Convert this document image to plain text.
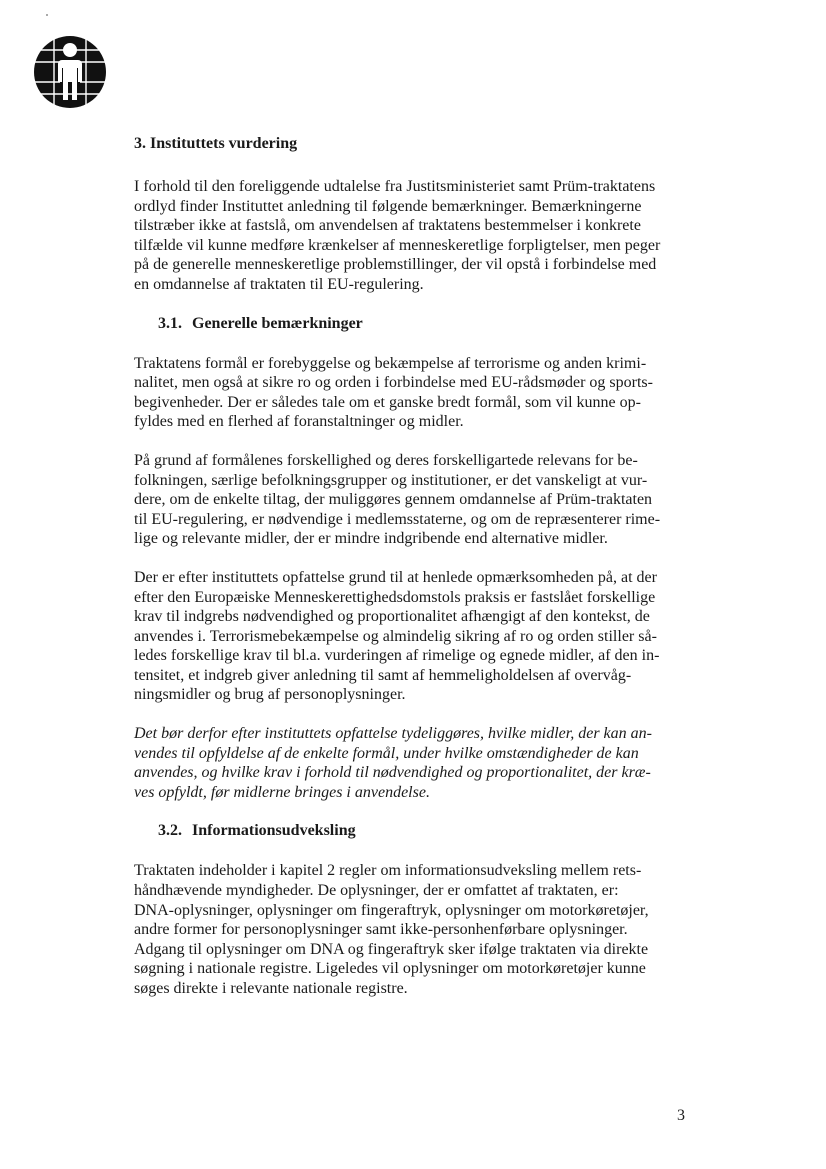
3. Instituttets vurdering

I forhold til den foreliggende udtalelse fra Justitsministeriet samt Prüm-traktatens
ordlyd finder Instituttet anledning til følgende bemærkninger. Bemærkningerne
tilstræber ikke at fastslå, om anvendelsen af traktatens bestemmelser i konkrete
tilfælde vil kunne medføre krænkelser af menneskeretlige forpligtelser, men peger
på de generelle menneskeretlige problemstillinger, der vil opstå i forbindelse med
en omdannelse af traktaten til EU-regulering.

3.1. Generelle bemærkninger

Traktatens formål er forebyggelse og bekæmpelse af terrorisme og anden krimi-
nalitet, men også at sikre ro og orden i forbindelse med EU-rådsmøder og sports-
begivenheder. Der er således tale om et ganske bredt formål, som vil kunne op-
fyldes med en flerhed af foranstaltninger og midler.

På grund af formålenes forskellighed og deres forskelligartede relevans for be-
folkningen, særlige befolkningsgrupper og institutioner, er det vanskeligt at vur-
dere, om de enkelte tiltag, der muliggøres gennem omdannelse af Prüm-traktaten
til EU-regulering, er nødvendige i medlemsstaterne, og om de repræsenterer rime-
lige og relevante midler, der er mindre indgribende end alternative midler.

Der er efter instituttets opfattelse grund til at henlede opmærksomheden på, at der
efter den Europæiske Menneskerettighedsdomstols praksis er fastslået forskellige
krav til indgrebs nødvendighed og proportionalitet afhængigt af den kontekst, de
anvendes i. Terrorismebekæmpelse og almindelig sikring af ro og orden stiller så-
ledes forskellige krav til bl.a. vurderingen af rimelige og egnede midler, af den in-
tensitet, et indgreb giver anledning til samt af hemmeligholdelsen af overvåg-
ningsmidler og brug af personoplysninger.

Det bør derfor efter instituttets opfattelse tydeliggøres, hvilke midler, der kan an-
vendes til opfyldelse af de enkelte formål, under hvilke omstændigheder de kan
anvendes, og hvilke krav i forhold til nødvendighed og proportionalitet, der kræ-
ves opfyldt, før midlerne bringes i anvendelse.

3.2. Informationsudveksling

Traktaten indeholder i kapitel 2 regler om informationsudveksling mellem rets-
håndhævende myndigheder. De oplysninger, der er omfattet af traktaten, er:
DNA-oplysninger, oplysninger om fingeraftryk, oplysninger om motorkøretøjer,
andre former for personoplysninger samt ikke-personhenførbare oplysninger.
Adgang til oplysninger om DNA og fingeraftryk sker ifølge traktaten via direkte
søgning i nationale registre. Ligeledes vil oplysninger om motorkøretøjer kunne
søges direkte i relevante nationale registre.

3
